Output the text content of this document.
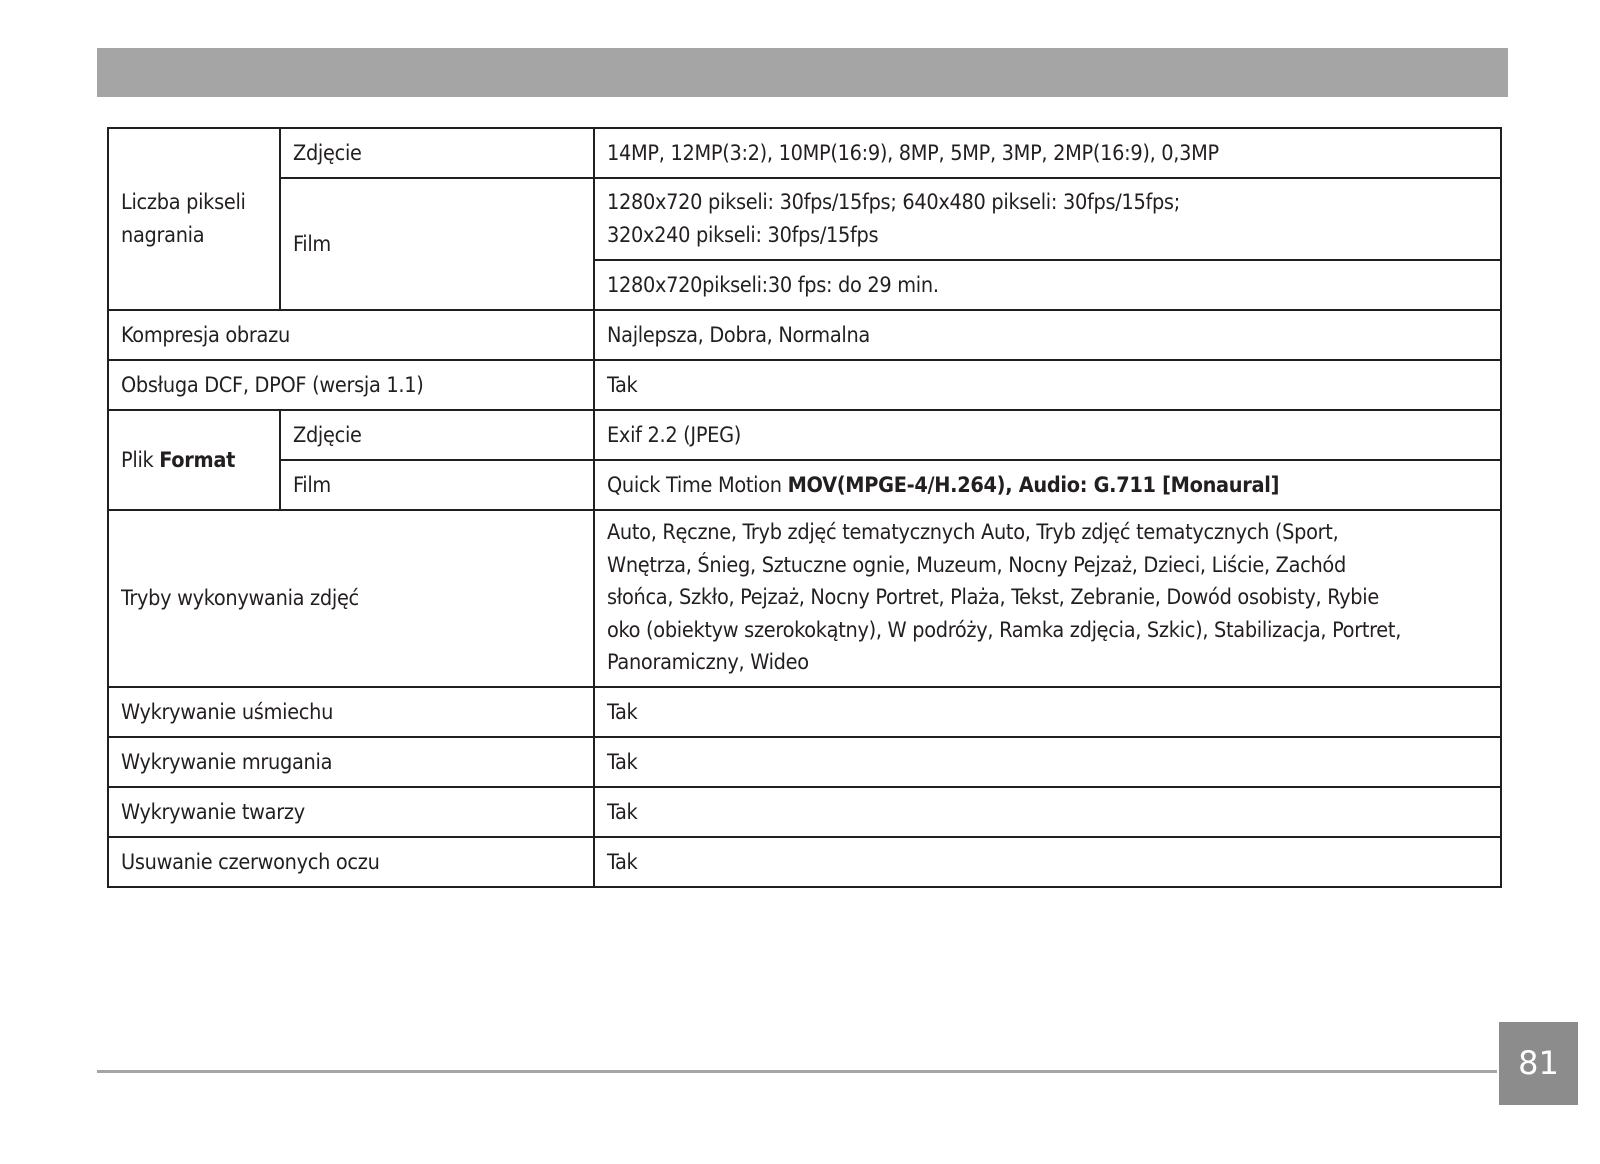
Liczba pikseli nagrania	Zdjęcie	14MP, 12MP(3:2), 10MP(16:9), 8MP, 5MP, 3MP, 2MP(16:9), 0,3MP
	Film	1280x720 pikseli: 30fps/15fps; 640x480 pikseli: 30fps/15fps;
320x240 pikseli: 30fps/15fps

		1280x720pikseli:30 fps: do 29 min.
Kompresja obrazu		Najlepsza, Dobra, Normalna
Obsługa DCF, DPOF (wersja 1.1)		Tak
Plik Format	Zdjęcie	Exif 2.2 (JPEG)
	Film	Quick Time Motion MOV(MPGE-4/H.264), Audio: G.711 [Monaural]
Tryby wykonywania zdjęć		Auto, Ręczne, Tryb zdjęć tematycznych Auto, Tryb zdjęć tematycznych (Sport,
Wnętrza, Śnieg, Sztuczne ognie, Muzeum, Nocny Pejzaż, Dzieci, Liście, Zachód
słońca, Szkło, Pejzaż, Nocny Portret, Plaża, Tekst, Zebranie, Dowód osobisty, Rybie
oko (obiektyw szerokokątny), W podróży, Ramka zdjęcia, Szkic), Stabilizacja, Portret,
Panoramiczny, Wideo

Wykrywanie uśmiechu		Tak
Wykrywanie mrugania		Tak
Wykrywanie twarzy		Tak
Usuwanie czerwonych oczu		Tak
81
